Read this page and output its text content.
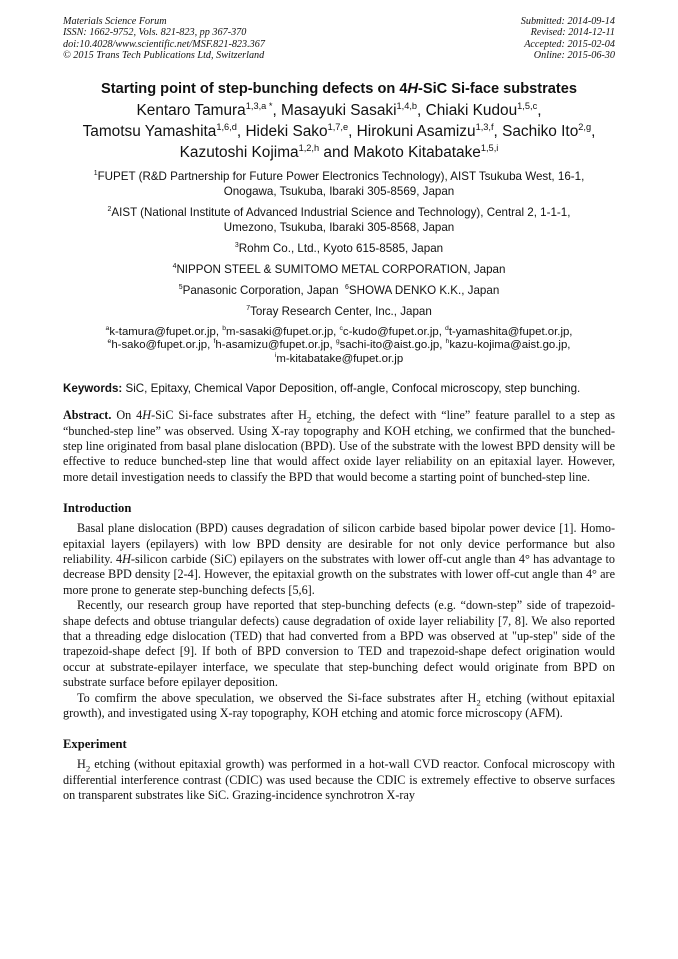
Materials Science Forum
ISSN: 1662-9752, Vols. 821-823, pp 367-370
doi:10.4028/www.scientific.net/MSF.821-823.367
© 2015 Trans Tech Publications Ltd, Switzerland
Submitted: 2014-09-14
Revised: 2014-12-11
Accepted: 2015-02-04
Online: 2015-06-30
Starting point of step-bunching defects on 4H-SiC Si-face substrates
Kentaro Tamura$^{1,3,a *}$, Masayuki Sasaki$^{1,4,b}$, Chiaki Kudou$^{1,5,c}$,
Tamotsu Yamashita$^{1,6,d}$, Hideki Sako$^{1,7,e}$, Hirokuni Asamizu$^{1,3,f}$, Sachiko Ito$^{2,g}$,
Kazutoshi Kojima$^{1,2,h}$ and Makoto Kitabatake$^{1,5,i}$
$^1$FUPET (R&D Partnership for Future Power Electronics Technology), AIST Tsukuba West, 16-1,
Onogawa, Tsukuba, Ibaraki 305-8569, Japan
$^2$AIST (National Institute of Advanced Industrial Science and Technology), Central 2, 1-1-1,
Umezono, Tsukuba, Ibaraki 305-8568, Japan
$^3$Rohm Co., Ltd., Kyoto 615-8585, Japan
$^4$NIPPON STEEL & SUMITOMO METAL CORPORATION, Japan
$^5$Panasonic Corporation, Japan $^6$SHOWA DENKO K.K., Japan
$^7$Toray Research Center, Inc., Japan
$^a$k-tamura@fupet.or.jp, $^b$m-sasaki@fupet.or.jp, $^c$c-kudo@fupet.or.jp, $^d$t-yamashita@fupet.or.jp,
$^e$h-sako@fupet.or.jp, $^f$h-asamizu@fupet.or.jp, $^g$sachi-ito@aist.go.jp, $^h$kazu-kojima@aist.go.jp,
$^i$m-kitabatake@fupet.or.jp
Keywords: SiC, Epitaxy, Chemical Vapor Deposition, off-angle, Confocal microscopy, step bunching.
Abstract. On 4H-SiC Si-face substrates after $H_2$ etching, the defect with “line” feature parallel to a step as “bunched-step line” was observed. Using X-ray topography and KOH etching, we confirmed that the bunched-step line originated from basal plane dislocation (BPD). Use of the substrate with the lowest BPD density will be effective to reduce bunched-step line that would affect oxide layer reliability on an epitaxial layer. However, more detail investigation needs to classify the BPD that would become a starting point of bunched-step line.
Introduction

Basal plane dislocation (BPD) causes degradation of silicon carbide based bipolar power device [1]. Homo-epitaxial layers (epilayers) with low BPD density are desirable for not only device performance but also reliability. 4H-silicon carbide (SiC) epilayers on the substrates with lower off-cut angle than 4° has advantage to decrease BPD density [2-4]. However, the epitaxial growth on the substrates with lower off-cut angle than 4° are more prone to generate step-bunching defects [5,6].

Recently, our research group have reported that step-bunching defects (e.g. “down-step” side of trapezoid-shape defects and obtuse triangular defects) cause degradation of oxide layer reliability [7, 8]. We also reported that a threading edge dislocation (TED) that had converted from a BPD was observed at "up-step" side of the trapezoid-shape defect [9]. If both of BPD conversion to TED and trapezoid-shape defect origination would occur at substrate-epilayer interface, we speculate that step-bunching defect would originate from BPD on substrate surface before epilayer deposition.

To comfirm the above speculation, we observed the Si-face substrates after $H_2$ etching (without epitaxial growth), and investigated using X-ray topography, KOH etching and atomic force microscopy (AFM).

Experiment

$H_2$ etching (without epitaxial growth) was performed in a hot-wall CVD reactor. Confocal microscopy with differential interference contrast (CDIC) was used because the CDIC is extremely effective to observe surfaces on transparent substrates like SiC. Grazing-incidence synchrotron X-ray
